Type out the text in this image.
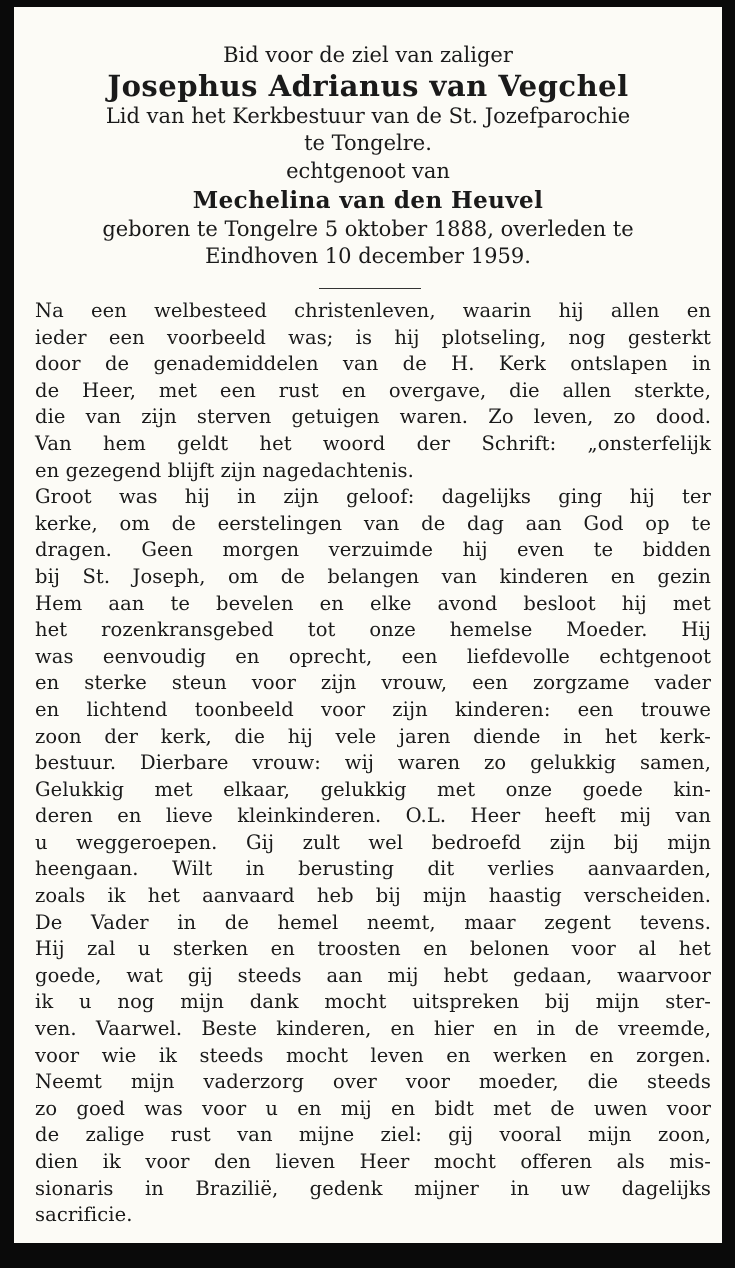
Bid voor de ziel van zaliger
Josephus Adrianus van Vegchel
Lid van het Kerkbestuur van de St. Jozefparochie
te Tongelre.
echtgenoot van
Mechelina van den Heuvel
geboren te Tongelre 5 oktober 1888, overleden te
Eindhoven 10 december 1959.
Na een welbesteed christenleven, waarin hij allen en
ieder een voorbeeld was; is hij plotseling, nog gesterkt
door de genademiddelen van de H. Kerk ontslapen in
de Heer, met een rust en overgave, die allen sterkte,
die van zijn sterven getuigen waren. Zo leven, zo dood.
Van hem geldt het woord der Schrift: „onsterfelijk
en gezegend blijft zijn nagedachtenis.
Groot was hij in zijn geloof: dagelijks ging hij ter
kerke, om de eerstelingen van de dag aan God op te
dragen. Geen morgen verzuimde hij even te bidden
bij St. Joseph, om de belangen van kinderen en gezin
Hem aan te bevelen en elke avond besloot hij met
het rozenkransgebed tot onze hemelse Moeder. Hij
was eenvoudig en oprecht, een liefdevolle echtgenoot
en sterke steun voor zijn vrouw, een zorgzame vader
en lichtend toonbeeld voor zijn kinderen: een trouwe
zoon der kerk, die hij vele jaren diende in het kerk-
bestuur. Dierbare vrouw: wij waren zo gelukkig samen,
Gelukkig met elkaar, gelukkig met onze goede kin-
deren en lieve kleinkinderen. O.L. Heer heeft mij van
u weggeroepen. Gij zult wel bedroefd zijn bij mijn
heengaan. Wilt in berusting dit verlies aanvaarden,
zoals ik het aanvaard heb bij mijn haastig verscheiden.
De Vader in de hemel neemt, maar zegent tevens.
Hij zal u sterken en troosten en belonen voor al het
goede, wat gij steeds aan mij hebt gedaan, waarvoor
ik u nog mijn dank mocht uitspreken bij mijn ster-
ven. Vaarwel. Beste kinderen, en hier en in de vreemde,
voor wie ik steeds mocht leven en werken en zorgen.
Neemt mijn vaderzorg over voor moeder, die steeds
zo goed was voor u en mij en bidt met de uwen voor
de zalige rust van mijne ziel: gij vooral mijn zoon,
dien ik voor den lieven Heer mocht offeren als mis-
sionaris in Brazilië, gedenk mijner in uw dagelijks
sacrificie.
